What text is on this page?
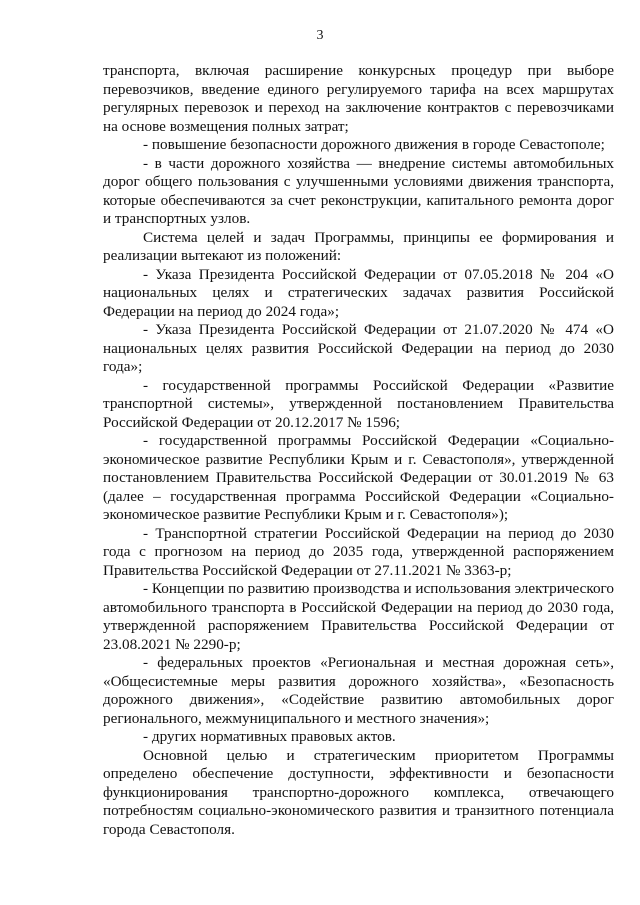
3

транспорта, включая расширение конкурсных процедур при выборе перевозчиков, введение единого регулируемого тарифа на всех маршрутах регулярных перевозок и переход на заключение контрактов с перевозчиками на основе возмещения полных затрат;

- повышение безопасности дорожного движения в городе Севастополе;

- в части дорожного хозяйства — внедрение системы автомобильных дорог общего пользования с улучшенными условиями движения транспорта, которые обеспечиваются за счет реконструкции, капитального ремонта дорог и транспортных узлов.

Система целей и задач Программы, принципы ее формирования и реализации вытекают из положений:

- Указа Президента Российской Федерации от 07.05.2018 № 204 «О национальных целях и стратегических задачах развития Российской Федерации на период до 2024 года»;

- Указа Президента Российской Федерации от 21.07.2020 № 474 «О национальных целях развития Российской Федерации на период до 2030 года»;

- государственной программы Российской Федерации «Развитие транспортной системы», утвержденной постановлением Правительства Российской Федерации от 20.12.2017 № 1596;

- государственной программы Российской Федерации «Социально-экономическое развитие Республики Крым и г. Севастополя», утвержденной постановлением Правительства Российской Федерации от 30.01.2019 № 63 (далее – государственная программа Российской Федерации «Социально-экономическое развитие Республики Крым и г. Севастополя»);

- Транспортной стратегии Российской Федерации на период до 2030 года с прогнозом на период до 2035 года, утвержденной распоряжением Правительства Российской Федерации от 27.11.2021 № 3363-р;

- Концепции по развитию производства и использования электрического автомобильного транспорта в Российской Федерации на период до 2030 года, утвержденной распоряжением Правительства Российской Федерации от 23.08.2021 № 2290-р;

- федеральных проектов «Региональная и местная дорожная сеть», «Общесистемные меры развития дорожного хозяйства», «Безопасность дорожного движения», «Содействие развитию автомобильных дорог регионального, межмуниципального и местного значения»;

- других нормативных правовых актов.

Основной целью и стратегическим приоритетом Программы определено обеспечение доступности, эффективности и безопасности функционирования транспортно-дорожного комплекса, отвечающего потребностям социально-экономического развития и транзитного потенциала города Севастополя.
